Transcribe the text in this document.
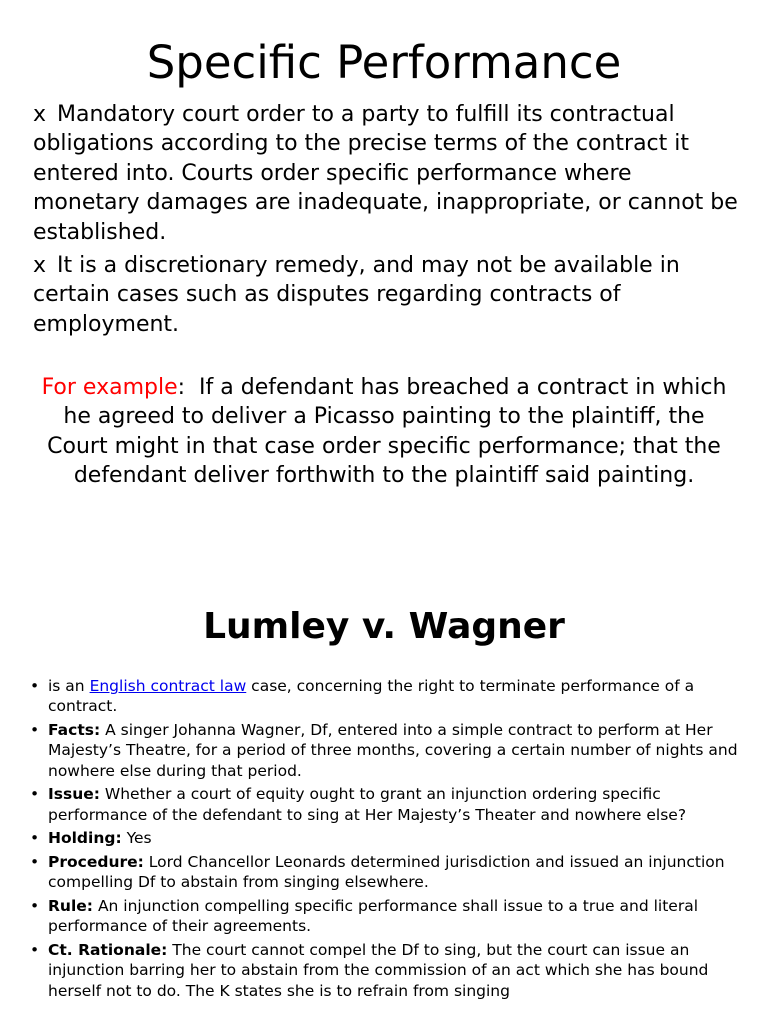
Specific Performance

x Mandatory court order to a party to fulfill its contractual obligations according to the precise terms of the contract it entered into. Courts order specific performance where monetary damages are inadequate, inappropriate, or cannot be established.

x It is a discretionary remedy, and may not be available in certain cases such as disputes regarding contracts of employment.

For example: If a defendant has breached a contract in which he agreed to deliver a Picasso painting to the plaintiff, the Court might in that case order specific performance; that the defendant deliver forthwith to the plaintiff said painting.
Lumley v. Wagner
• is an English contract law case, concerning the right to terminate performance of a contract.
• Facts: A singer Johanna Wagner, Df, entered into a simple contract to perform at Her Majesty’s Theatre, for a period of three months, covering a certain number of nights and nowhere else during that period.
• Issue: Whether a court of equity ought to grant an injunction ordering specific performance of the defendant to sing at Her Majesty’s Theater and nowhere else?
• Holding: Yes
• Procedure: Lord Chancellor Leonards determined jurisdiction and issued an injunction compelling Df to abstain from singing elsewhere.
• Rule: An injunction compelling specific performance shall issue to a true and literal performance of their agreements.
• Ct. Rationale: The court cannot compel the Df to sing, but the court can issue an injunction barring her to abstain from the commission of an act which she has bound herself not to do. The K states she is to refrain from singing
